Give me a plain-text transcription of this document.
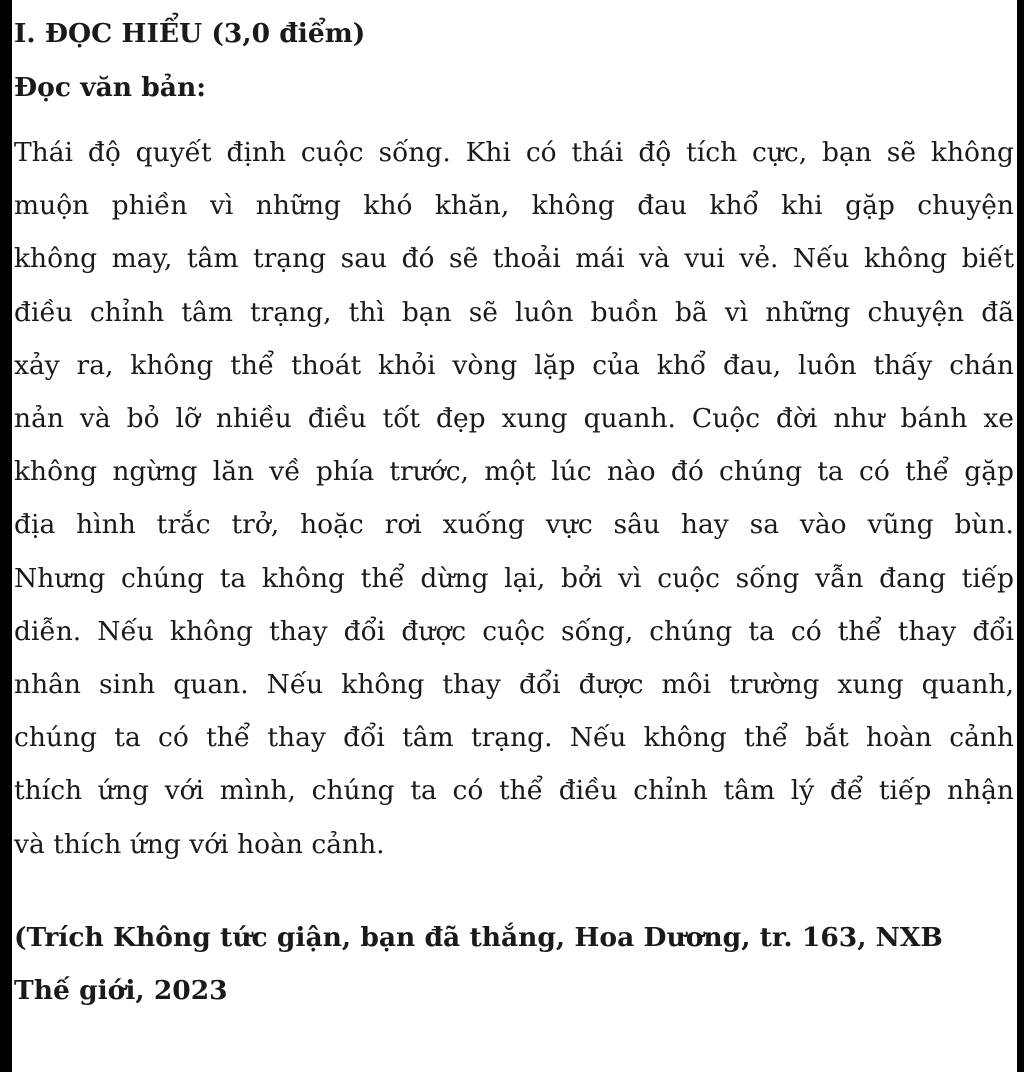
I. ĐỌC HIỂU (3,0 điểm)

Đọc văn bản:

Thái độ quyết định cuộc sống. Khi có thái độ tích cực, bạn sẽ không
muộn phiền vì những khó khăn, không đau khổ khi gặp chuyện
không may, tâm trạng sau đó sẽ thoải mái và vui vẻ. Nếu không biết
điều chỉnh tâm trạng, thì bạn sẽ luôn buồn bã vì những chuyện đã
xảy ra, không thể thoát khỏi vòng lặp của khổ đau, luôn thấy chán
nản và bỏ lỡ nhiều điều tốt đẹp xung quanh. Cuộc đời như bánh xe
không ngừng lăn về phía trước, một lúc nào đó chúng ta có thể gặp
địa hình trắc trở, hoặc rơi xuống vực sâu hay sa vào vũng bùn.
Nhưng chúng ta không thể dừng lại, bởi vì cuộc sống vẫn đang tiếp
diễn. Nếu không thay đổi được cuộc sống, chúng ta có thể thay đổi
nhân sinh quan. Nếu không thay đổi được môi trường xung quanh,
chúng ta có thể thay đổi tâm trạng. Nếu không thể bắt hoàn cảnh
thích ứng với mình, chúng ta có thể điều chỉnh tâm lý để tiếp nhận
và thích ứng với hoàn cảnh.

(Trích Không tức giận, bạn đã thắng, Hoa Dương, tr. 163, NXB

Thế giới, 2023
